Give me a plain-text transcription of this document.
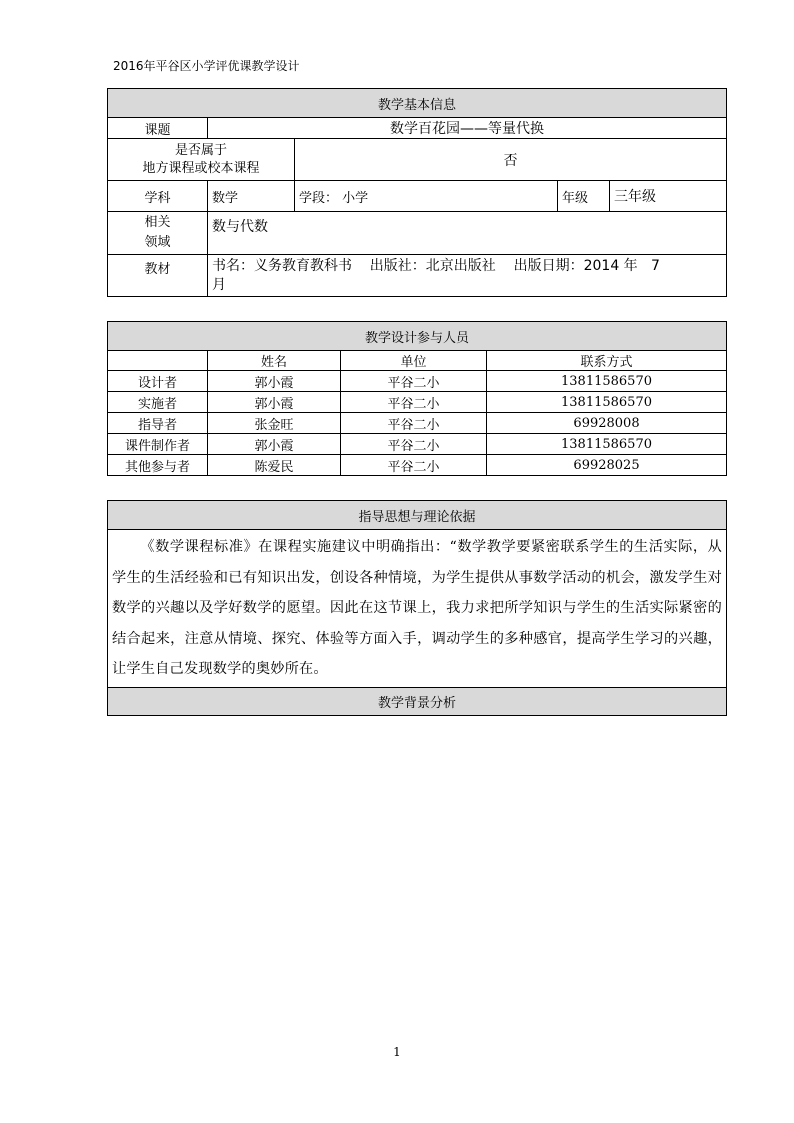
2016年平谷区小学评优课教学设计
教学基本信息				
课题	数学百花园——等量代换			

是否属于
地方课程或校本课程		否		
学科	数学	学段： 小学	年级	三年级

相关
领域	数与代数			
教材	书名：义务教育教科书    出版社：北京出版社    出版日期：2014 年   7
月			
教学设计参与人员			
	姓名	单位	联系方式
设计者	郭小霞	平谷二小	13811586570
实施者	郭小霞	平谷二小	13811586570
指导者	张金旺	平谷二小	69928008
课件制作者	郭小霞	平谷二小	13811586570
其他参与者	陈爱民	平谷二小	69928025
指导思想与理论依据
《数学课程标准》在课程实施建议中明确指出：“数学教学要紧密联系学生的生活实际，从学生的生活经验和已有知识出发，创设各种情境，为学生提供从事数学活动的机会，激发学生对数学的兴趣以及学好数学的愿望。因此在这节课上，我力求把所学知识与学生的生活实际紧密的结合起来，注意从情境、探究、体验等方面入手，调动学生的多种感官，提高学生学习的兴趣，让学生自己发现数学的奥妙所在。
教学背景分析
1
